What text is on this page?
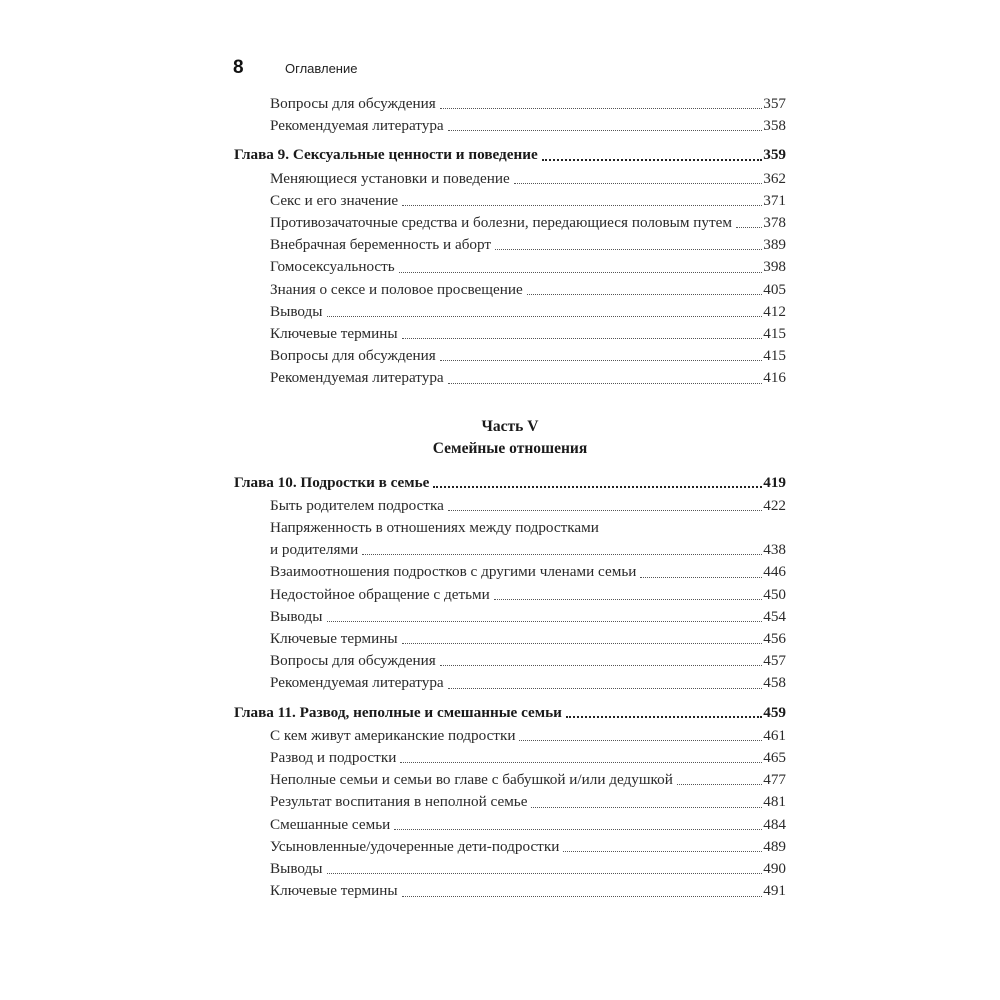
8	Оглавление
Вопросы для обсуждения	357
Рекомендуемая литература	358
Глава 9. Сексуальные ценности и поведение	359
Меняющиеся установки и поведение	362
Секс и его значение	371
Противозачаточные средства и болезни, передающиеся половым путем 378
Внебрачная беременность и аборт	389
Гомосексуальность	398
Знания о сексе и половое просвещение	405
Выводы	412
Ключевые термины	415
Вопросы для обсуждения	415
Рекомендуемая литература	416
Часть V
Семейные отношения
Глава 10. Подростки в семье	419
Быть родителем подростка	422
Напряженность в отношениях между подростками
и родителями	438
Взаимоотношения подростков с другими членами семьи	446
Недостойное обращение с детьми	450
Выводы	454
Ключевые термины	456
Вопросы для обсуждения	457
Рекомендуемая литература	458
Глава 11. Развод, неполные и смешанные семьи	459
С кем живут американские подростки	461
Развод и подростки	465
Неполные семьи и семьи во главе с бабушкой и/или дедушкой	477
Результат воспитания в неполной семье	481
Смешанные семьи	484
Усыновленные/удочеренные дети-подростки	489
Выводы	490
Ключевые термины	491
